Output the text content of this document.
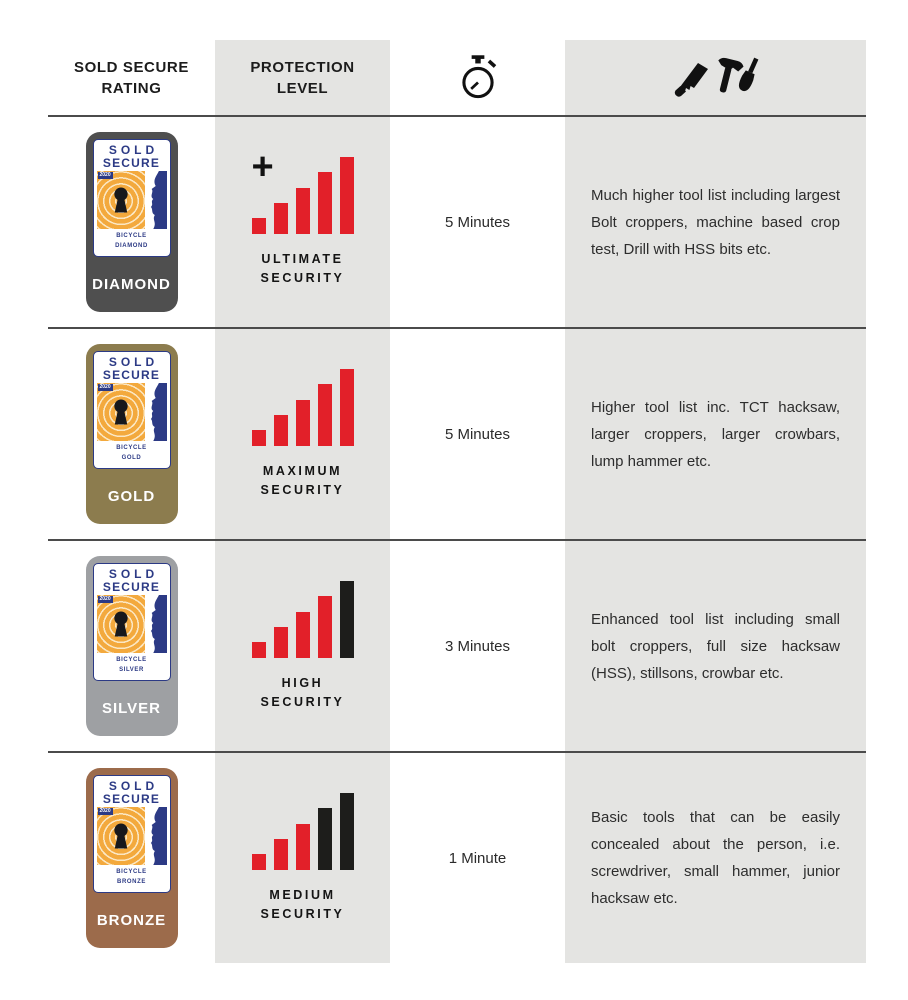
SOLD SECURE
RATING
PROTECTION
LEVEL
SOLD
SECURE
2020
BICYCLE
DIAMOND
DIAMOND
+
ULTIMATE
SECURITY
5 Minutes
Much higher tool list including largest Bolt croppers, machine based crop test, Drill with HSS bits etc.
SOLD
SECURE
2020
BICYCLE
GOLD
GOLD
MAXIMUM
SECURITY
5 Minutes
Higher tool list inc. TCT hacksaw, larger croppers, larger crowbars, lump hammer etc.
SOLD
SECURE
2020
BICYCLE
SILVER
SILVER
HIGH
SECURITY
3 Minutes
Enhanced tool list including small bolt croppers, full size hacksaw (HSS), stillsons, crowbar etc.
SOLD
SECURE
2020
BICYCLE
BRONZE
BRONZE
MEDIUM
SECURITY
1 Minute
Basic tools that can be easily concealed about the person, i.e. screwdriver, small hammer, junior hacksaw etc.
